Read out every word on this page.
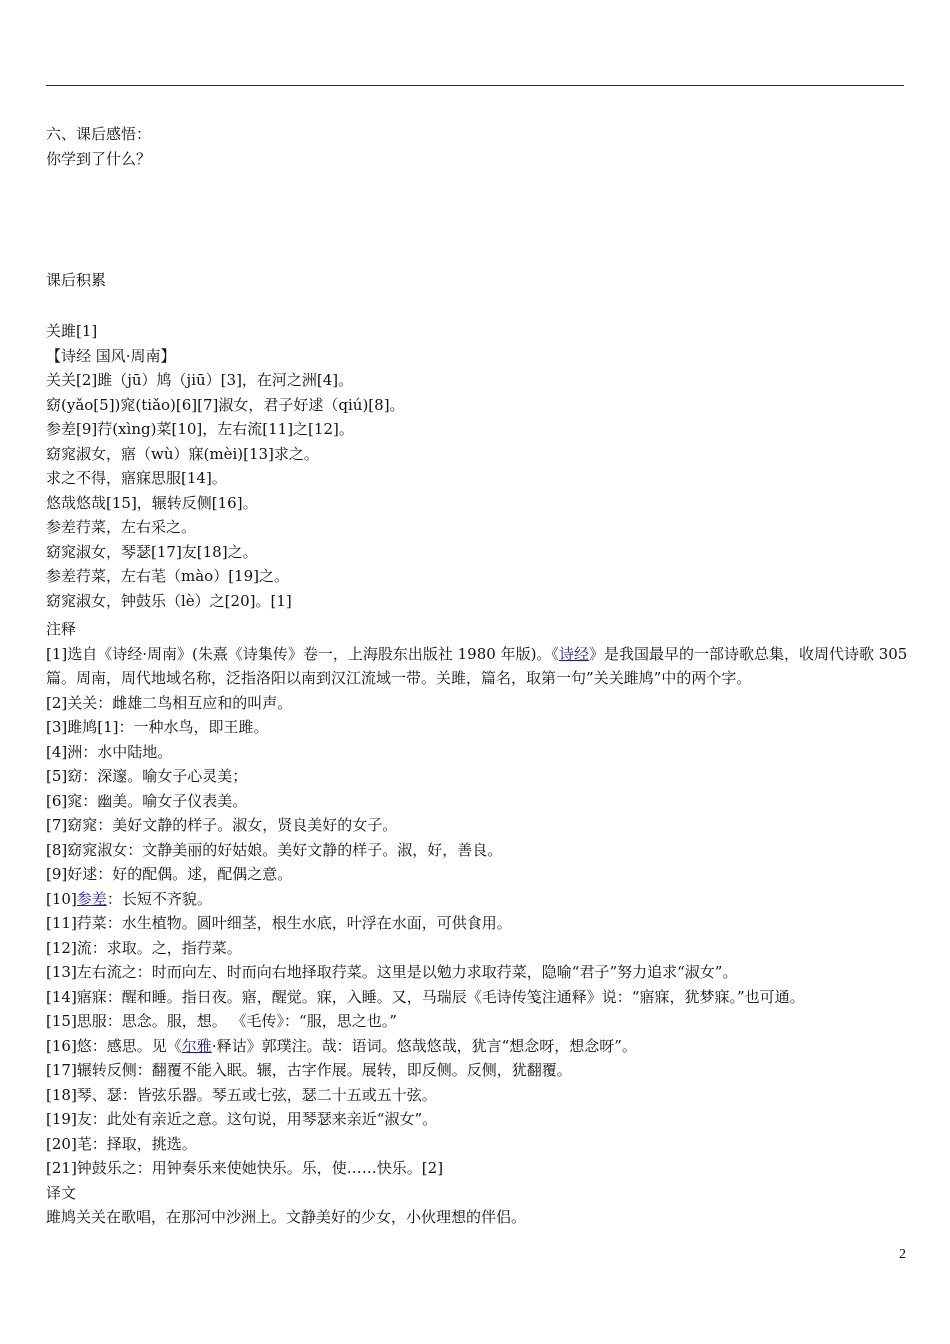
六、课后感悟：
你学到了什么？
课后积累
关雎[1]
【诗经 国风·周南】
关关[2]雎（jū）鸠（jiū）[3]，在河之洲[4]。
窈(yǎo[5])窕(tiǎo)[6][7]淑女，君子好逑（qiú)[8]。
参差[9]荇(xìng)菜[10]，左右流[11]之[12]。
窈窕淑女，寤（wù）寐(mèi)[13]求之。
求之不得，寤寐思服[14]。
悠哉悠哉[15]，辗转反侧[16]。
参差荇菜，左右采之。
窈窕淑女，琴瑟[17]友[18]之。
参差荇菜，左右芼（mào）[19]之。
窈窕淑女，钟鼓乐（lè）之[20]。[1]
注释
[1]选自《诗经·周南》(朱熹《诗集传》卷一，上海股东出版社 1980 年版)。《诗经》是我国最早的一部诗歌总集，收周代诗歌 305 篇。周南，周代地域名称，泛指洛阳以南到汉江流域一带。关雎，篇名，取第一句”关关雎鸠”中的两个字。
[2]关关：雌雄二鸟相互应和的叫声。
[3]雎鸠[1]：一种水鸟，即王雎。
[4]洲：水中陆地。
[5]窈：深邃。喻女子心灵美；
[6]窕：幽美。喻女子仪表美。
[7]窈窕：美好文静的样子。淑女，贤良美好的女子。
[8]窈窕淑女：文静美丽的好姑娘。美好文静的样子。淑，好，善良。
[9]好逑：好的配偶。逑，配偶之意。
[10]参差：长短不齐貌。
[11]荇菜：水生植物。圆叶细茎，根生水底，叶浮在水面，可供食用。
[12]流：求取。之，指荇菜。
[13]左右流之：时而向左、时而向右地择取荇菜。这里是以勉力求取荇菜，隐喻“君子”努力追求“淑女”。
[14]寤寐：醒和睡。指日夜。寤，醒觉。寐，入睡。又，马瑞辰《毛诗传笺注通释》说：“寤寐，犹梦寐。”也可通。
[15]思服：思念。服，想。 《毛传》：“服，思之也。”
[16]悠：感思。见《尔雅·释诂》郭璞注。哉：语词。悠哉悠哉，犹言“想念呀，想念呀”。
[17]辗转反侧：翻覆不能入眠。辗，古字作展。展转，即反侧。反侧，犹翻覆。
[18]琴、瑟：皆弦乐器。琴五或七弦，瑟二十五或五十弦。
[19]友：此处有亲近之意。这句说，用琴瑟来亲近“淑女”。
[20]芼：择取，挑选。
[21]钟鼓乐之：用钟奏乐来使她快乐。乐，使……快乐。[2]
译文
雎鸠关关在歌唱，在那河中沙洲上。文静美好的少女，小伙理想的伴侣。
2
